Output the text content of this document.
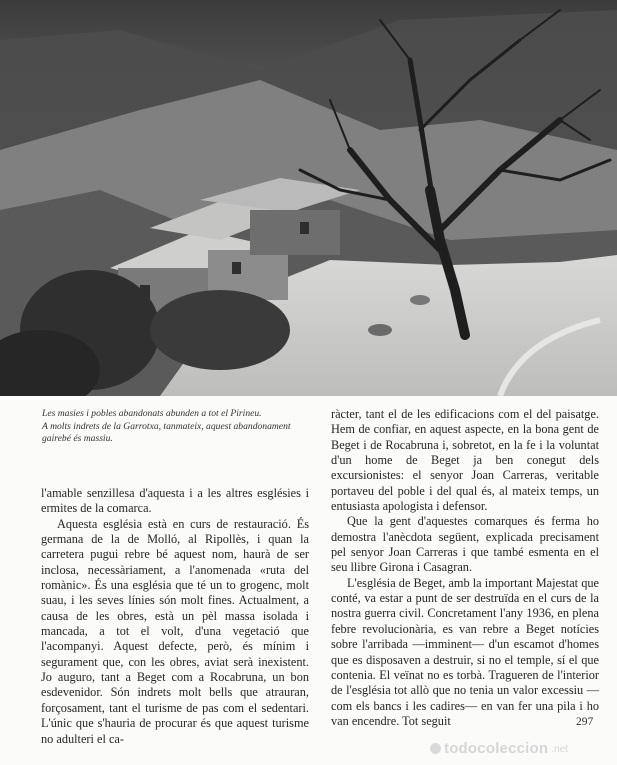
Les masies i pobles abandonats abunden a tot el Pirineu.
A molts indrets de la Garrotxa, tanmateix, aquest abandonament
gairebé és massiu.

l'amable senzillesa d'aquesta i a les altres esglésies i ermites de la comarca.

Aquesta església està en curs de restauració. És germana de la de Molló, al Ripollès, i quan la carretera pugui rebre bé aquest nom, haurà de ser inclosa, necessàriament, a l'anomenada «ruta del romànic». És una església que té un to grogenc, molt suau, i les seves línies són molt fines. Actualment, a causa de les obres, està un pèl massa isolada i mancada, a tot el volt, d'una vegetació que l'acompanyi. Aquest defecte, però, és mínim i segurament que, con les obres, aviat serà inexistent. Jo auguro, tant a Beget com a Rocabruna, un bon esdevenidor. Són indrets molt bells que atrauran, forçosament, tant el turisme de pas com el sedentari. L'únic que s'hauria de procurar és que aquest turisme no adulteri el ca-

ràcter, tant el de les edificacions com el del paisatge. Hem de confiar, en aquest aspecte, en la bona gent de Beget i de Rocabruna i, sobretot, en la fe i la voluntat d'un home de Beget ja ben conegut dels excursionistes: el senyor Joan Carreras, veritable portaveu del poble i del qual és, al mateix temps, un entusiasta apologista i defensor.

Que la gent d'aquestes comarques és ferma ho demostra l'anècdota següent, explicada precisament pel senyor Joan Carreras i que també esmenta en el seu llibre Girona i Casagran.

L'església de Beget, amb la important Majestat que conté, va estar a punt de ser destruïda en el curs de la nostra guerra civil. Concretament l'any 1936, en plena febre revolucionària, es van rebre a Beget notícies sobre l'arribada —imminent— d'un escamot d'homes que es disposaven a destruir, si no el temple, sí el que contenia. El veïnat no es torbà. Tragueren de l'interior de l'església tot allò que no tenia un valor excessiu —com els bancs i les cadires— en van fer una pila i ho van encendre. Tot seguit	297
todocoleccion .net
